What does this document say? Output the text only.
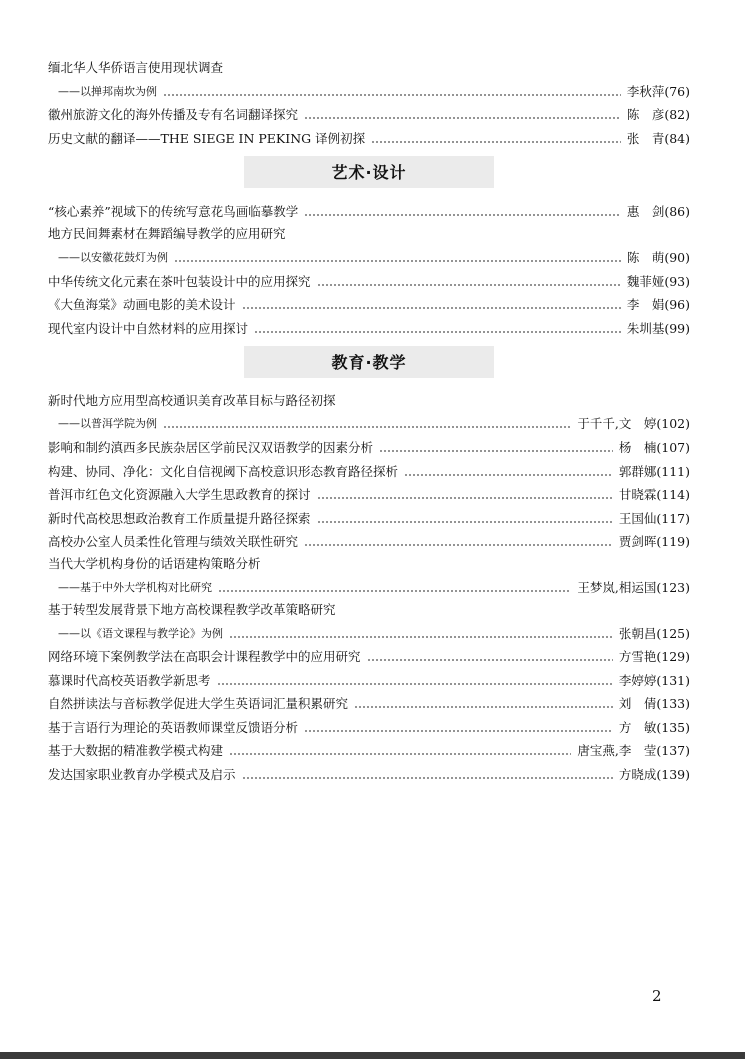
缅北华人华侨语言使用现状调查
——以掸邦南坎为例	李秋萍(76)
徽州旅游文化的海外传播及专有名词翻译探究	陈　彦(82)
历史文献的翻译——THE SIEGE IN PEKING 译例初探	张　青(84)
艺术·设计
“核心素养”视域下的传统写意花鸟画临摹教学	惠　剑(86)
地方民间舞素材在舞蹈编导教学的应用研究
——以安徽花鼓灯为例	陈　萌(90)
中华传统文化元素在茶叶包装设计中的应用探究	魏菲娅(93)
《大鱼海棠》动画电影的美术设计	李　娟(96)
现代室内设计中自然材料的应用探讨	朱圳基(99)
教育·教学
新时代地方应用型高校通识美育改革目标与路径初探
——以普洱学院为例	于千千,文　婷(102)
影响和制约滇西多民族杂居区学前民汉双语教学的因素分析	杨　楠(107)
构建、协同、净化：文化自信视阈下高校意识形态教育路径探析	郭群娜(111)
普洱市红色文化资源融入大学生思政教育的探讨	甘晓霖(114)
新时代高校思想政治教育工作质量提升路径探索	王国仙(117)
高校办公室人员柔性化管理与绩效关联性研究	贾剑晖(119)
当代大学机构身份的话语建构策略分析
——基于中外大学机构对比研究	王梦岚,相运国(123)
基于转型发展背景下地方高校课程教学改革策略研究
——以《语文课程与教学论》为例	张朝昌(125)
网络环境下案例教学法在高职会计课程教学中的应用研究	方雪艳(129)
慕课时代高校英语教学新思考	李婷婷(131)
自然拼读法与音标教学促进大学生英语词汇量积累研究	刘　倩(133)
基于言语行为理论的英语教师课堂反馈语分析	方　敏(135)
基于大数据的精准教学模式构建	唐宝燕,李　莹(137)
发达国家职业教育办学模式及启示	方晓成(139)
2
